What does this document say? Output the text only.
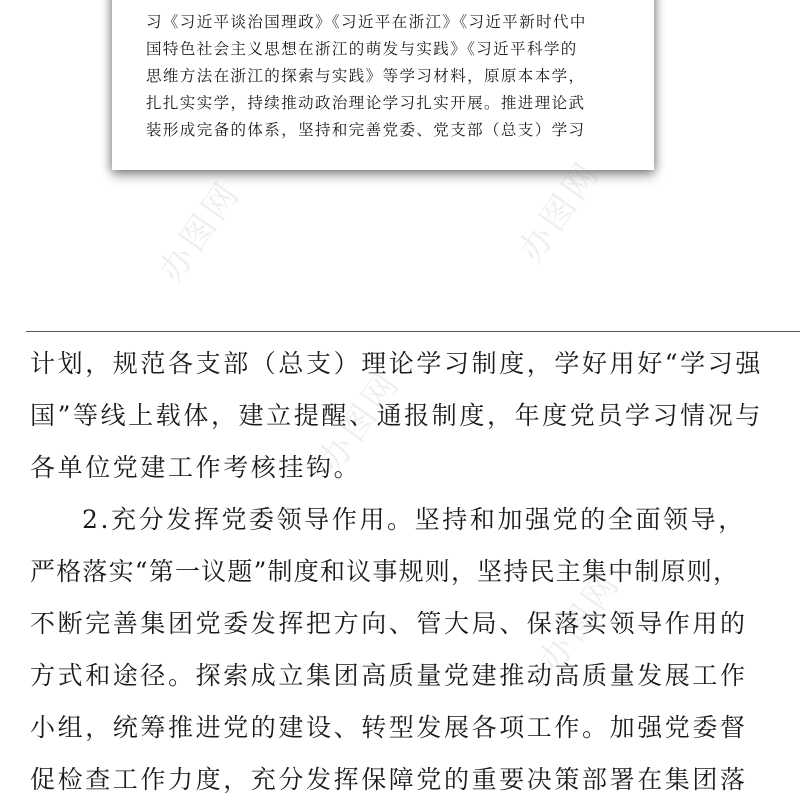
习《习近平谈治国理政》《习近平在浙江》《习近平新时代中
国特色社会主义思想在浙江的萌发与实践》《习近平科学的
思维方法在浙江的探索与实践》等学习材料，原原本本学，
扎扎实实学，持续推动政治理论学习扎实开展。推进理论武
装形成完备的体系，坚持和完善党委、党支部（总支）学习
计划，规范各支部（总支）理论学习制度，学好用好“学习强
国”等线上载体，建立提醒、通报制度，年度党员学习情况与
各单位党建工作考核挂钩。
2.充分发挥党委领导作用。坚持和加强党的全面领导，
严格落实“第一议题”制度和议事规则，坚持民主集中制原则，
不断完善集团党委发挥把方向、管大局、保落实领导作用的
方式和途径。探索成立集团高质量党建推动高质量发展工作
小组，统筹推进党的建设、转型发展各项工作。加强党委督
促检查工作力度，充分发挥保障党的重要决策部署在集团落
办图网	办图网
办图网
办图网
